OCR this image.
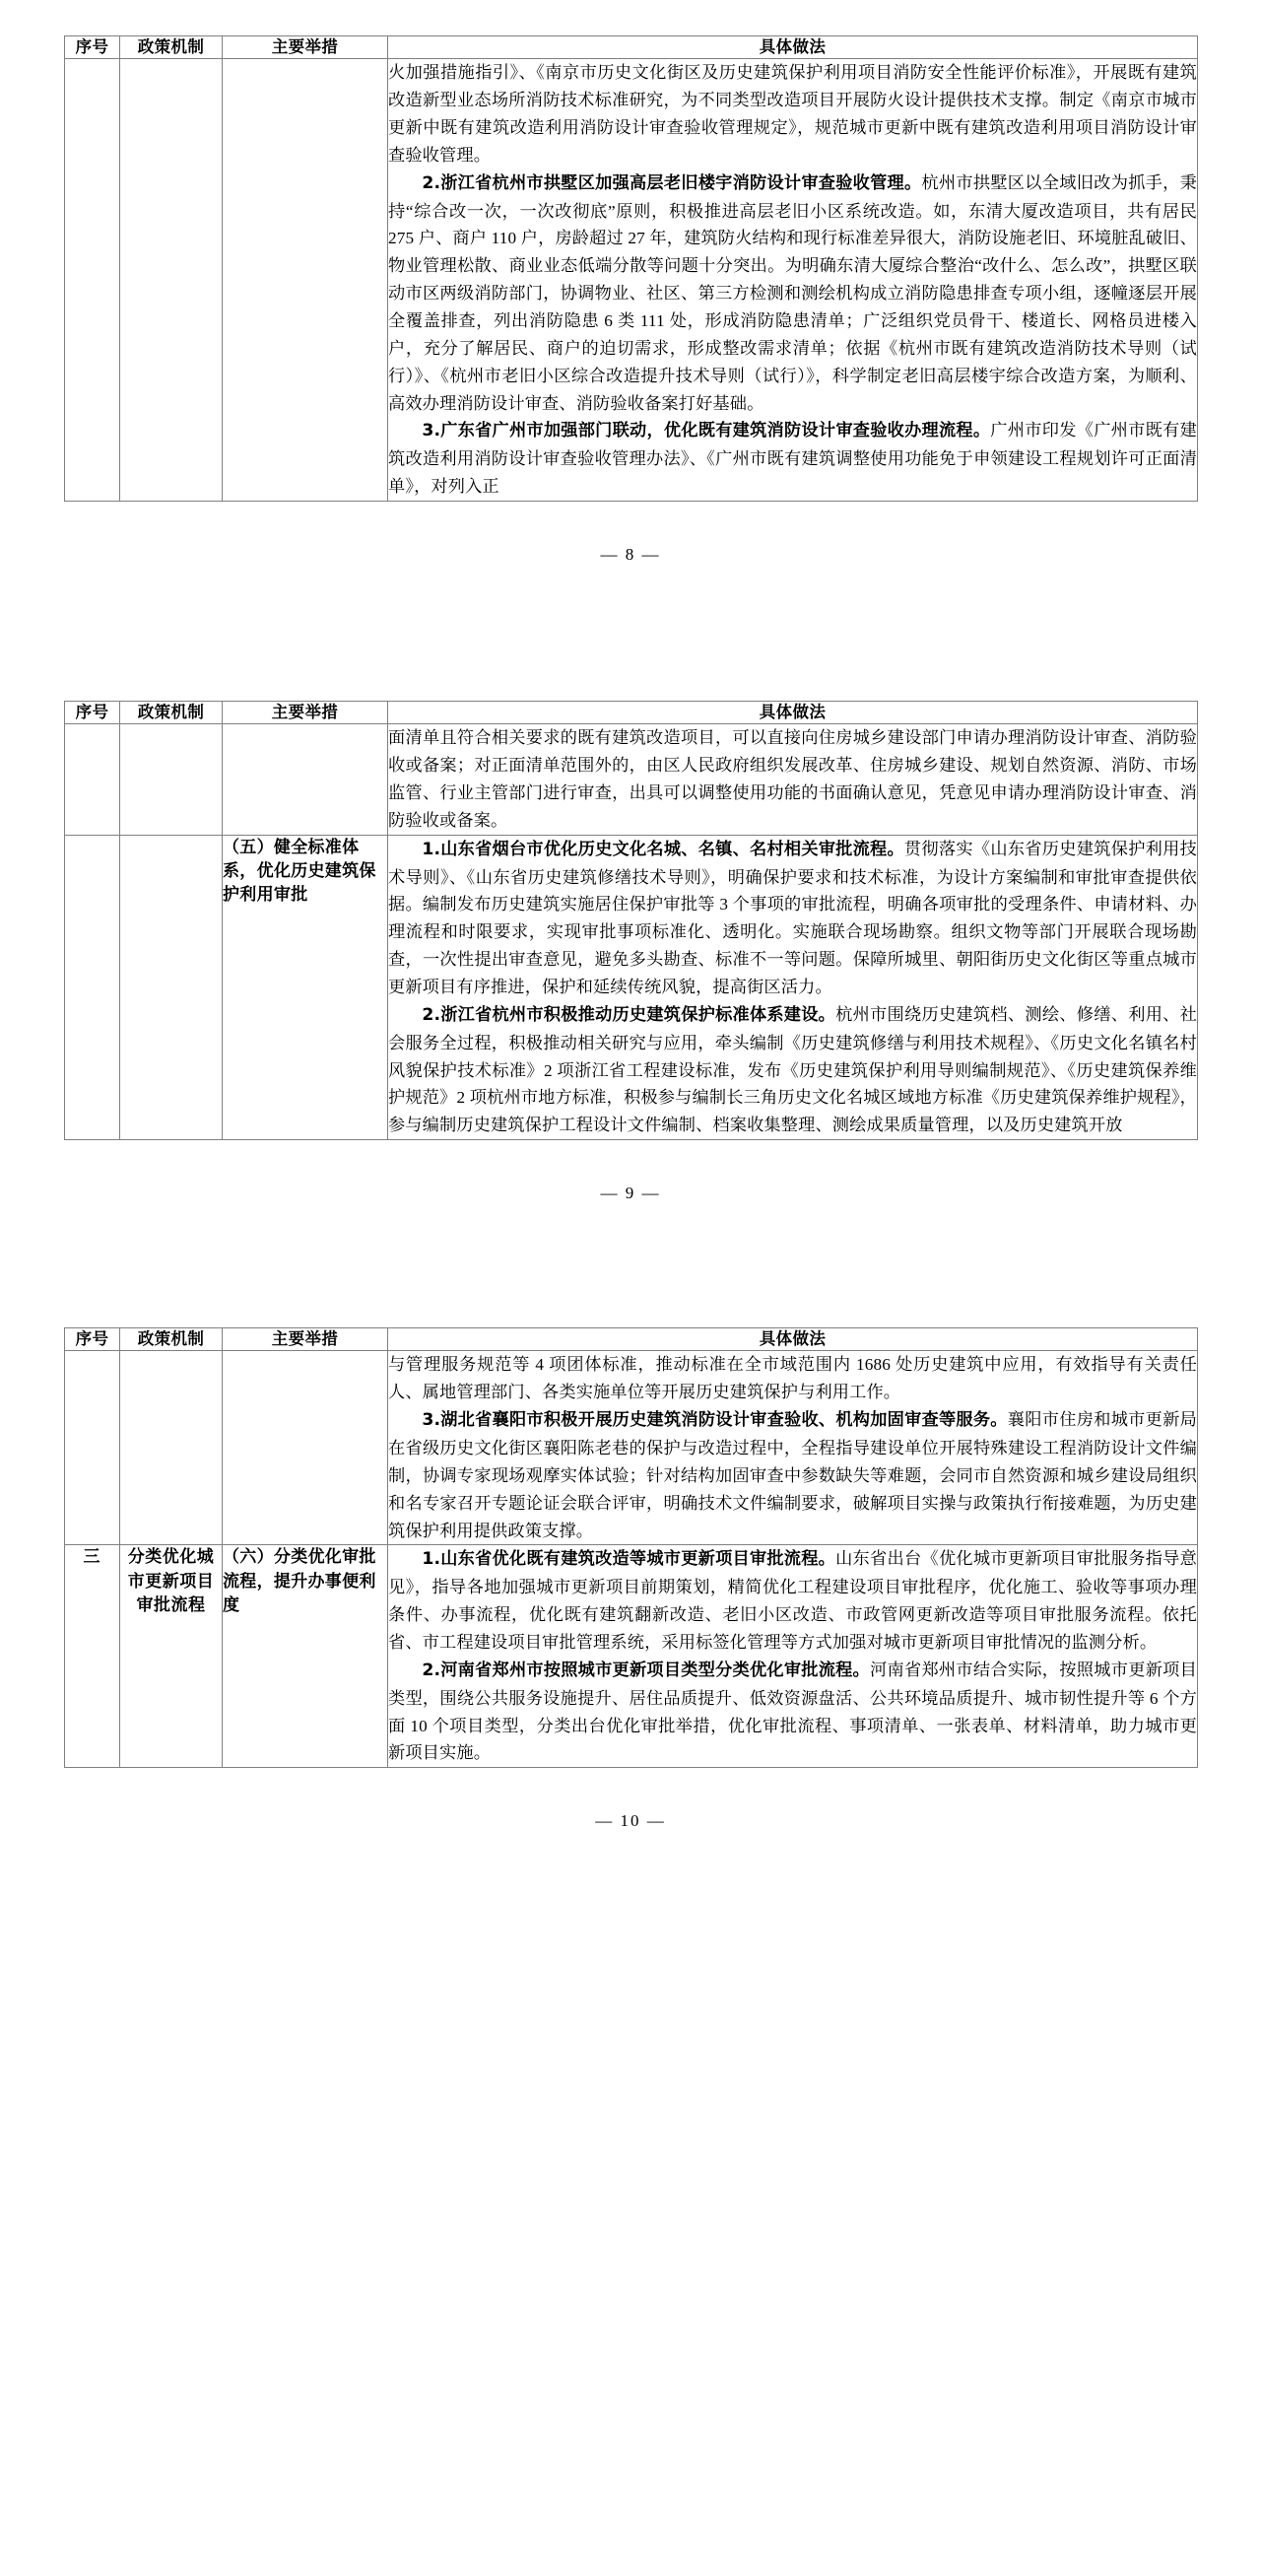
序号	政策机制	主要举措	具体做法

			火加强措施指引》、《南京市历史文化街区及历史建筑保护利用项目消防安全性能评价标准》，开展既有建筑改造新型业态场所消防技术标准研究，为不同类型改造项目开展防火设计提供技术支撑。制定《南京市城市更新中既有建筑改造利用消防设计审查验收管理规定》，规范城市更新中既有建筑改造利用项目消防设计审查验收管理。

2.浙江省杭州市拱墅区加强高层老旧楼宇消防设计审查验收管理。杭州市拱墅区以全域旧改为抓手，秉持“综合改一次，一次改彻底”原则，积极推进高层老旧小区系统改造。如，东清大厦改造项目，共有居民 275 户、商户 110 户，房龄超过 27 年，建筑防火结构和现行标准差异很大，消防设施老旧、环境脏乱破旧、物业管理松散、商业业态低端分散等问题十分突出。为明确东清大厦综合整治“改什么、怎么改”，拱墅区联动市区两级消防部门，协调物业、社区、第三方检测和测绘机构成立消防隐患排查专项小组，逐幢逐层开展全覆盖排查，列出消防隐患 6 类 111 处，形成消防隐患清单；广泛组织党员骨干、楼道长、网格员进楼入户，充分了解居民、商户的迫切需求，形成整改需求清单；依据《杭州市既有建筑改造消防技术导则（试行）》、《杭州市老旧小区综合改造提升技术导则（试行）》，科学制定老旧高层楼宇综合改造方案，为顺利、高效办理消防设计审查、消防验收备案打好基础。

3.广东省广州市加强部门联动，优化既有建筑消防设计审查验收办理流程。广州市印发《广州市既有建筑改造利用消防设计审查验收管理办法》、《广州市既有建筑调整使用功能免于申领建设工程规划许可正面清单》，对列入正

— 8 —
序号	政策机制	主要举措	具体做法

			面清单且符合相关要求的既有建筑改造项目，可以直接向住房城乡建设部门申请办理消防设计审查、消防验收或备案；对正面清单范围外的，由区人民政府组织发展改革、住房城乡建设、规划自然资源、消防、市场监管、行业主管部门进行审查，出具可以调整使用功能的书面确认意见，凭意见申请办理消防设计审查、消防验收或备案。

		（五）健全标准体系，优化历史建筑保护利用审批	1.山东省烟台市优化历史文化名城、名镇、名村相关审批流程。贯彻落实《山东省历史建筑保护利用技术导则》、《山东省历史建筑修缮技术导则》，明确保护要求和技术标准，为设计方案编制和审批审查提供依据。编制发布历史建筑实施居住保护审批等 3 个事项的审批流程，明确各项审批的受理条件、申请材料、办理流程和时限要求，实现审批事项标准化、透明化。实施联合现场勘察。组织文物等部门开展联合现场勘查，一次性提出审查意见，避免多头勘查、标准不一等问题。保障所城里、朝阳街历史文化街区等重点城市更新项目有序推进，保护和延续传统风貌，提高街区活力。

2.浙江省杭州市积极推动历史建筑保护标准体系建设。杭州市围绕历史建筑档、测绘、修缮、利用、社会服务全过程，积极推动相关研究与应用，牵头编制《历史建筑修缮与利用技术规程》、《历史文化名镇名村风貌保护技术标准》2 项浙江省工程建设标准，发布《历史建筑保护利用导则编制规范》、《历史建筑保养维护规范》2 项杭州市地方标准，积极参与编制长三角历史文化名城区域地方标准《历史建筑保养维护规程》，参与编制历史建筑保护工程设计文件编制、档案收集整理、测绘成果质量管理，以及历史建筑开放

— 9 —
序号	政策机制	主要举措	具体做法

			与管理服务规范等 4 项团体标准，推动标准在全市域范围内 1686 处历史建筑中应用，有效指导有关责任人、属地管理部门、各类实施单位等开展历史建筑保护与利用工作。

3.湖北省襄阳市积极开展历史建筑消防设计审查验收、机构加固审查等服务。襄阳市住房和城市更新局在省级历史文化街区襄阳陈老巷的保护与改造过程中，全程指导建设单位开展特殊建设工程消防设计文件编制，协调专家现场观摩实体试验；针对结构加固审查中参数缺失等难题，会同市自然资源和城乡建设局组织和名专家召开专题论证会联合评审，明确技术文件编制要求，破解项目实操与政策执行衔接难题，为历史建筑保护利用提供政策支撑。

三	分类优化城市更新项目审批流程	（六）分类优化审批流程，提升办事便利度	1.山东省优化既有建筑改造等城市更新项目审批流程。山东省出台《优化城市更新项目审批服务指导意见》，指导各地加强城市更新项目前期策划，精简优化工程建设项目审批程序，优化施工、验收等事项办理条件、办事流程，优化既有建筑翻新改造、老旧小区改造、市政管网更新改造等项目审批服务流程。依托省、市工程建设项目审批管理系统，采用标签化管理等方式加强对城市更新项目审批情况的监测分析。

2.河南省郑州市按照城市更新项目类型分类优化审批流程。河南省郑州市结合实际，按照城市更新项目类型，围绕公共服务设施提升、居住品质提升、低效资源盘活、公共环境品质提升、城市韧性提升等 6 个方面 10 个项目类型，分类出台优化审批举措，优化审批流程、事项清单、一张表单、材料清单，助力城市更新项目实施。

— 10 —
